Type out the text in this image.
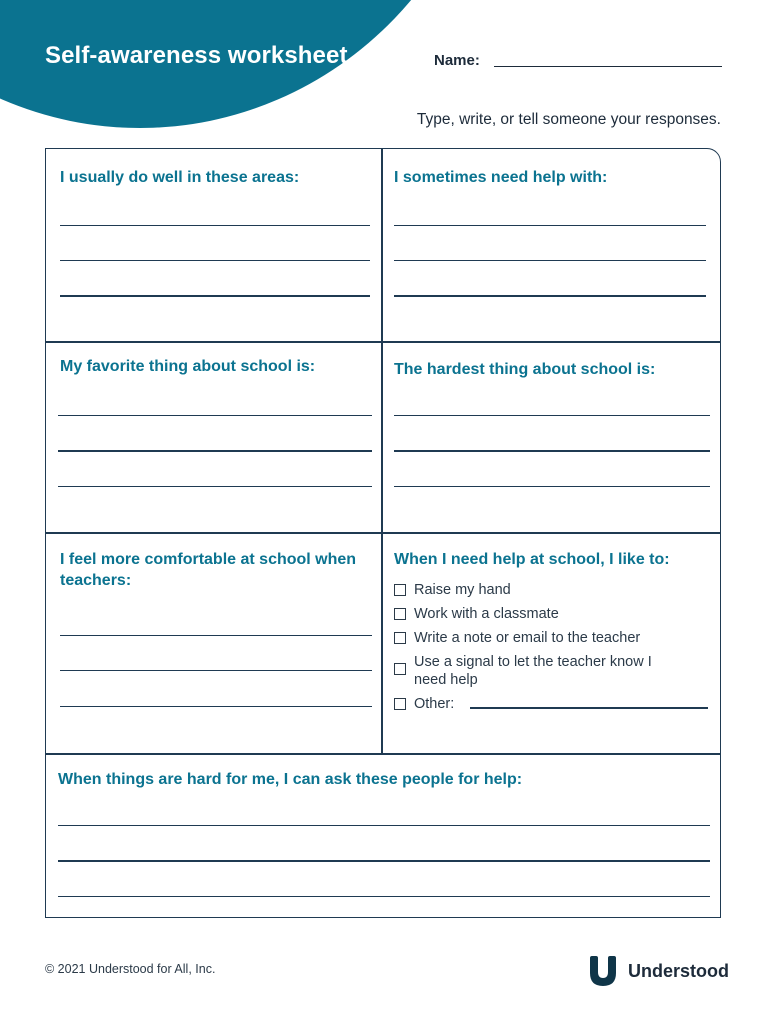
Self-awareness worksheet	Name:
Type, write, or tell someone your responses.
I usually do well in these areas:	I sometimes need help with:
My favorite thing about school is:	The hardest thing about school is:
I feel more comfortable at school when teachers:
When I need help at school, I like to:
Raise my hand
Work with a classmate
Write a note or email to the teacher
Use a signal to let the teacher know I need help
Other:
When things are hard for me, I can ask these people for help:
© 2021 Understood for All, Inc.	Understood
